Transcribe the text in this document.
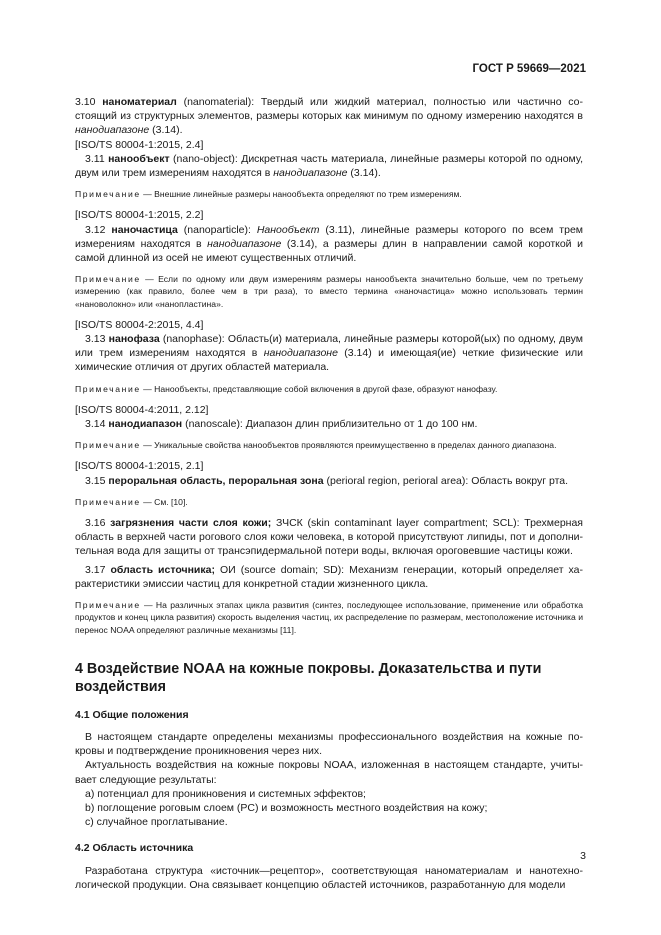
ГОСТ Р 59669—2021

3.10 наноматериал (nanomaterial): Твердый или жидкий материал, полностью или частично состоящий из структурных элементов, размеры которых как минимум по одному измерению находятся в нанодиапазоне (3.14).

[ISO/TS 80004-1:2015, 2.4]

3.11 нанообъект (nano-object): Дискретная часть материала, линейные размеры которой по одному, двум или трем измерениям находятся в нанодиапазоне (3.14).

Примечание — Внешние линейные размеры нанообъекта определяют по трем измерениям.

[ISO/TS 80004-1:2015, 2.2]

3.12 наночастица (nanoparticle): Нанообъект (3.11), линейные размеры которого по всем трем измерениям находятся в нанодиапазоне (3.14), а размеры длин в направлении самой короткой и самой длинной из осей не имеют существенных отличий.

Примечание — Если по одному или двум измерениям размеры нанообъекта значительно больше, чем по третьему измерению (как правило, более чем в три раза), то вместо термина «наночастица» можно использовать термин «нановолокно» или «нанопластина».

[ISO/TS 80004-2:2015, 4.4]

3.13 нанофаза (nanophase): Область(и) материала, линейные размеры которой(ых) по одному, двум или трем измерениям находятся в нанодиапазоне (3.14) и имеющая(ие) четкие физические или химические отличия от других областей материала.

Примечание — Нанообъекты, представляющие собой включения в другой фазе, образуют нанофазу.

[ISO/TS 80004-4:2011, 2.12]

3.14 нанодиапазон (nanoscale): Диапазон длин приблизительно от 1 до 100 нм.

Примечание — Уникальные свойства нанообъектов проявляются преимущественно в пределах данного диапазона.

[ISO/TS 80004-1:2015, 2.1]

3.15 пероральная область, пероральная зона (perioral region, perioral area): Область вокруг рта.

Примечание — См. [10].

3.16 загрязнения части слоя кожи; ЗЧСК (skin contaminant layer compartment; SCL): Трехмерная область в верхней части рогового слоя кожи человека, в которой присутствуют липиды, пот и дополнительная вода для защиты от трансэпидермальной потери воды, включая ороговевшие частицы кожи.

3.17 область источника; ОИ (source domain; SD): Механизм генерации, который определяет характеристики эмиссии частиц для конкретной стадии жизненного цикла.

Примечание — На различных этапах цикла развития (синтез, последующее использование, применение или обработка продуктов и конец цикла развития) скорость выделения частиц, их распределение по размерам, местоположение источника и перенос NOAA определяют различные механизмы [11].

4 Воздействие NOAA на кожные покровы. Доказательства и пути воздействия
4.1 Общие положения

В настоящем стандарте определены механизмы профессионального воздействия на кожные покровы и подтверждение проникновения через них.

Актуальность воздействия на кожные покровы NOAA, изложенная в настоящем стандарте, учитывает следующие результаты:

а) потенциал для проникновения и системных эффектов;

b) поглощение роговым слоем (PC) и возможность местного воздействия на кожу;

с) случайное проглатывание.

4.2 Область источника

Разработана структура «источник—рецептор», соответствующая наноматериалам и нанотехнологической продукции. Она связывает концепцию областей источников, разработанную для модели

3
